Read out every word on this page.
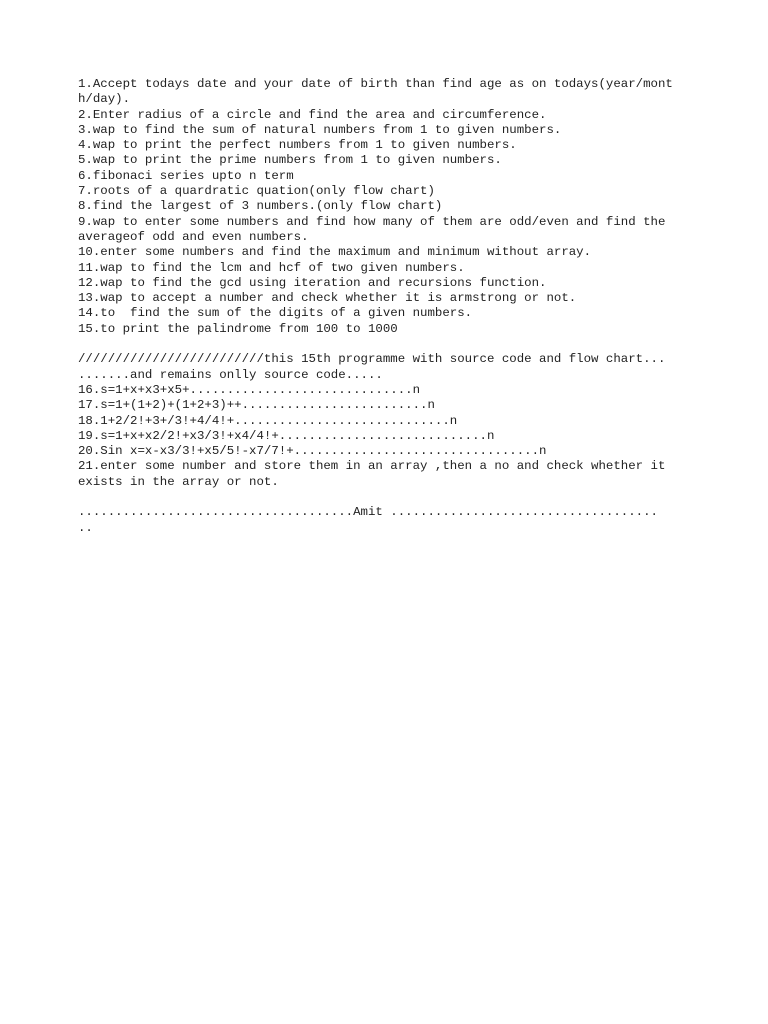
1.Accept todays date and your date of birth than find age as on todays(year/mont
h/day).
2.Enter radius of a circle and find the area and circumference.
3.wap to find the sum of natural numbers from 1 to given numbers.
4.wap to print the perfect numbers from 1 to given numbers.
5.wap to print the prime numbers from 1 to given numbers.
6.fibonaci series upto n term
7.roots of a quardratic quation(only flow chart)
8.find the largest of 3 numbers.(only flow chart)
9.wap to enter some numbers and find how many of them are odd/even and find the
averageof odd and even numbers.
10.enter some numbers and find the maximum and minimum without array.
11.wap to find the lcm and hcf of two given numbers.
12.wap to find the gcd using iteration and recursions function.
13.wap to accept a number and check whether it is armstrong or not.
14.to  find the sum of the digits of a given numbers.
15.to print the palindrome from 100 to 1000
/////////////////////////this 15th programme with source code and flow chart...
.......and remains onlly source code.....
16.s=1+x+x3+x5+..............................n
17.s=1+(1+2)+(1+2+3)++.........................n
18.1+2/2!+3+/3!+4/4!+.............................n
19.s=1+x+x2/2!+x3/3!+x4/4!+............................n
20.Sin x=x-x3/3!+x5/5!-x7/7!+.................................n
21.enter some number and store them in an array ,then a no and check whether it
exists in the array or not.
.....................................Amit ....................................
..
